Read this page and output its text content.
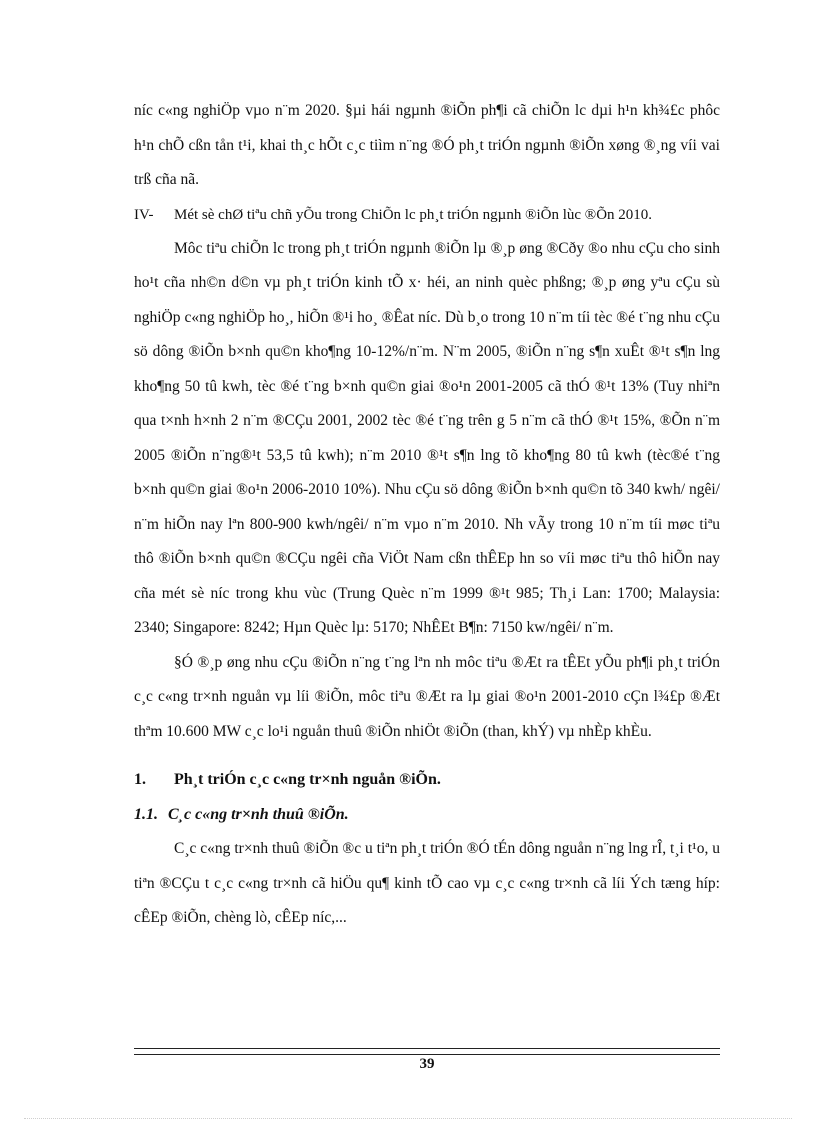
níc c«ng nghiÖp vµo n¨m 2020. §µi hái ngµnh ®iÕn ph¶i cã chiÕn lc dµi h¹n kh¾£c phôc h¹n chÕ cßn tån t¹i, khai th¸c hÕt c¸c tiìm n¨ng ®Ó ph¸t triÓn ngµnh ®iÕn xøng ®¸ng víi vai trß cña nã.

IV-	Mét sè chØ tiªu chñ yÕu trong ChiÕn lc ph¸t triÓn ngµnh ®iÕn lùc ®Õn 2010.

Môc tiªu chiÕn lc trong ph¸t triÓn ngµnh ®iÕn lµ ®¸p øng ®Cðy ®o nhu cÇu cho sinh ho¹t cña nh©n d©n vµ ph¸t triÓn kinh tÕ x· héi, an ninh quèc phßng; ®¸p øng yªu cÇu sù nghiÖp c«ng nghiÖp ho¸, hiÕn ®¹i ho¸ ®Êat níc. Dù b¸o trong 10 n¨m tíi tèc ®é t¨ng nhu cÇu sö dông ®iÕn b×nh qu©n kho¶ng 10-12%/n¨m. N¨m 2005, ®iÕn n¨ng s¶n xuÊt ®¹t s¶n lng kho¶ng 50 tû kwh, tèc ®é t¨ng b×nh qu©n giai ®o¹n 2001-2005 cã thÓ ®¹t 13% (Tuy nhiªn qua t×nh h×nh 2 n¨m ®CÇu 2001, 2002 tèc ®é t¨ng trên g 5 n¨m cã thÓ ®¹t 15%, ®Õn n¨m 2005 ®iÕn n¨ng®¹t 53,5 tû kwh); n¨m 2010 ®¹t s¶n lng tõ kho¶ng 80 tû kwh (tèc®é t¨ng b×nh qu©n giai ®o¹n 2006-2010 10%). Nhu cÇu sö dông ®iÕn b×nh qu©n tõ 340 kwh/ ngêi/ n¨m hiÕn nay lªn 800-900 kwh/ngêi/ n¨m vµo n¨m 2010. Nh vÃy trong 10 n¨m tíi møc tiªu thô ®iÕn b×nh qu©n ®CÇu ngêi cña ViÖt Nam cßn thÊEp hn so víi møc tiªu thô hiÕn nay cña mét sè níc trong khu vùc (Trung Quèc n¨m 1999 ®¹t 985; Th¸i Lan: 1700; Malaysia: 2340; Singapore: 8242; Hµn Quèc lµ: 5170; NhÊEt B¶n: 7150 kw/ngêi/ n¨m.

§Ó ®¸p øng nhu cÇu ®iÕn n¨ng t¨ng lªn nh môc tiªu ®Æt ra tÊEt yÕu ph¶i ph¸t triÓn c¸c c«ng tr×nh nguån vµ líi ®iÕn, môc tiªu ®Æt ra lµ giai ®o¹n 2001-2010 cÇn l¾£p ®Æt thªm 10.600 MW c¸c lo¹i nguån thuû ®iÕn nhiÖt ®iÕn (than, khÝ) vµ nhÈp khÈu.

1.	Ph¸t triÓn c¸c c«ng tr×nh nguån ®iÕn.
1.1. C¸c c«ng tr×nh thuû ®iÕn.

C¸c c«ng tr×nh thuû ®iÕn ®c u tiªn ph¸t triÓn ®Ó tÉn dông nguån n¨ng lng rÎ, t¸i t¹o, u tiªn ®CÇu t c¸c c«ng tr×nh cã hiÖu qu¶ kinh tÕ cao vµ c¸c c«ng tr×nh cã líi Ých tæng híp: cÊEp ®iÕn, chèng lò, cÊEp níc,...

39
